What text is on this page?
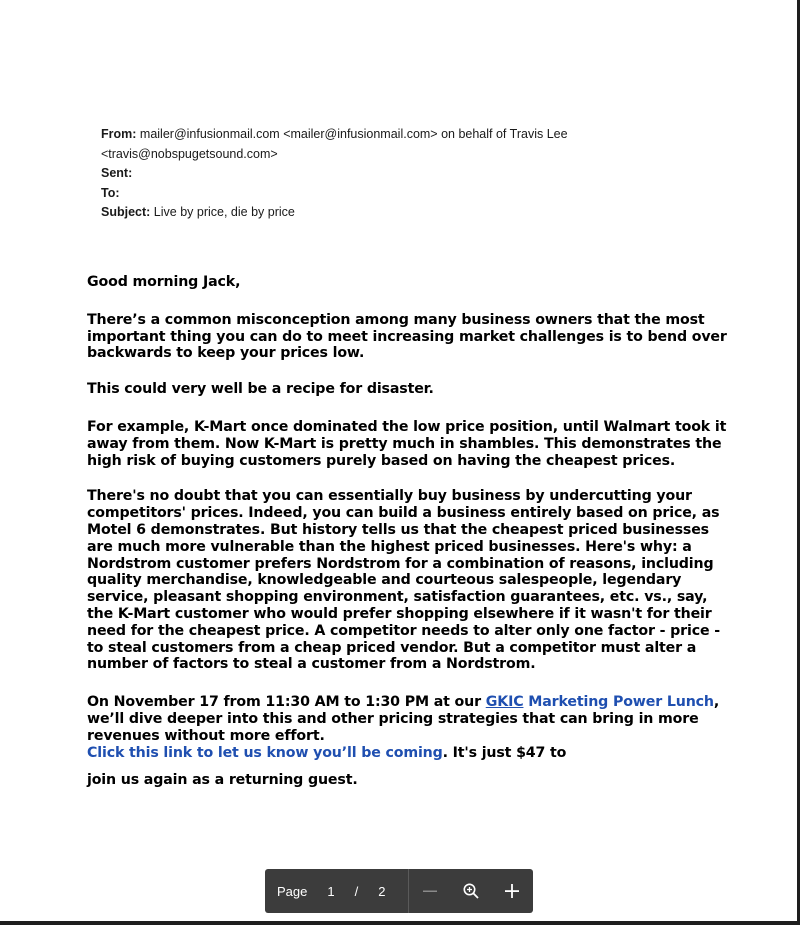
From: mailer@infusionmail.com <mailer@infusionmail.com> on behalf of Travis Lee <travis@nobspugetsound.com>
Sent:
To:
Subject: Live by price, die by price

Good morning Jack,

There’s a common misconception among many business owners that the most important thing you can do to meet increasing market challenges is to bend over backwards to keep your prices low.

This could very well be a recipe for disaster.

For example, K-Mart once dominated the low price position, until Walmart took it away from them. Now K-Mart is pretty much in shambles. This demonstrates the high risk of buying customers purely based on having the cheapest prices.

There's no doubt that you can essentially buy business by undercutting your competitors' prices. Indeed, you can build a business entirely based on price, as Motel 6 demonstrates. But history tells us that the cheapest priced businesses are much more vulnerable than the highest priced businesses. Here's why: a Nordstrom customer prefers Nordstrom for a combination of reasons, including quality merchandise, knowledgeable and courteous salespeople, legendary service, pleasant shopping environment, satisfaction guarantees, etc. vs., say, the K-Mart customer who would prefer shopping elsewhere if it wasn't for their need for the cheapest price. A competitor needs to alter only one factor - price - to steal customers from a cheap priced vendor. But a competitor must alter a number of factors to steal a customer from a Nordstrom.

On November 17 from 11:30 AM to 1:30 PM at our GKIC Marketing Power Lunch, we’ll dive deeper into this and other pricing strategies that can bring in more revenues without more effort.
Click this link to let us know you’ll be coming. It's just $47 to

join us again as a returning guest.

Page 1 / 2
